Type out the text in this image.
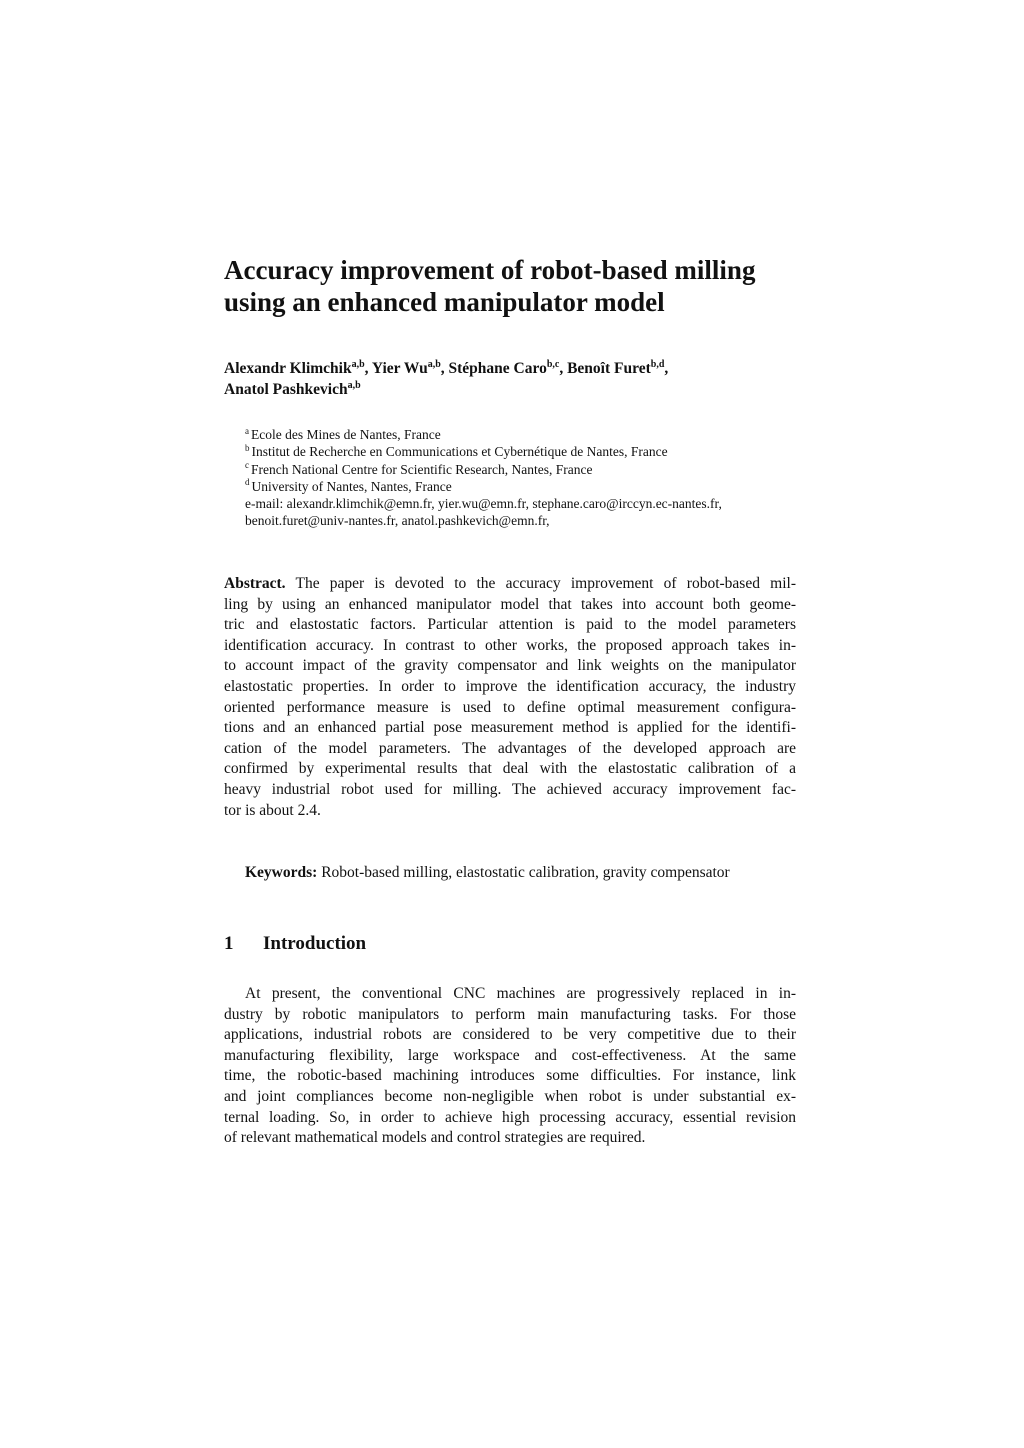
Accuracy improvement of robot-based milling
using an enhanced manipulator model
Alexandr Klimchik$^{a,b}$, Yier Wu$^{a,b}$, Stéphane Caro$^{b,c}$, Benoît Furet$^{b,d}$,
Anatol Pashkevich$^{a,b}$
$^a$ Ecole des Mines de Nantes, France
$^b$ Institut de Recherche en Communications et Cybernétique de Nantes, France
$^c$ French National Centre for Scientific Research, Nantes, France
$^d$ University of Nantes, Nantes, France
e-mail: alexandr.klimchik@emn.fr, yier.wu@emn.fr, stephane.caro@irccyn.ec-nantes.fr,
benoit.furet@univ-nantes.fr, anatol.pashkevich@emn.fr,
Abstract. The paper is devoted to the accuracy improvement of robot-based mil-
ling by using an enhanced manipulator model that takes into account both geome-
tric and elastostatic factors. Particular attention is paid to the model parameters
identification accuracy. In contrast to other works, the proposed approach takes in-
to account impact of the gravity compensator and link weights on the manipulator
elastostatic properties. In order to improve the identification accuracy, the industry
oriented performance measure is used to define optimal measurement configura-
tions and an enhanced partial pose measurement method is applied for the identifi-
cation of the model parameters. The advantages of the developed approach are
confirmed by experimental results that deal with the elastostatic calibration of a
heavy industrial robot used for milling. The achieved accuracy improvement fac-
tor is about 2.4.
Keywords: Robot-based milling, elastostatic calibration, gravity compensator
1 Introduction
At present, the conventional CNC machines are progressively replaced in in-
dustry by robotic manipulators to perform main manufacturing tasks. For those
applications, industrial robots are considered to be very competitive due to their
manufacturing flexibility, large workspace and cost-effectiveness. At the same
time, the robotic-based machining introduces some difficulties. For instance, link
and joint compliances become non-negligible when robot is under substantial ex-
ternal loading. So, in order to achieve high processing accuracy, essential revision
of relevant mathematical models and control strategies are required.
